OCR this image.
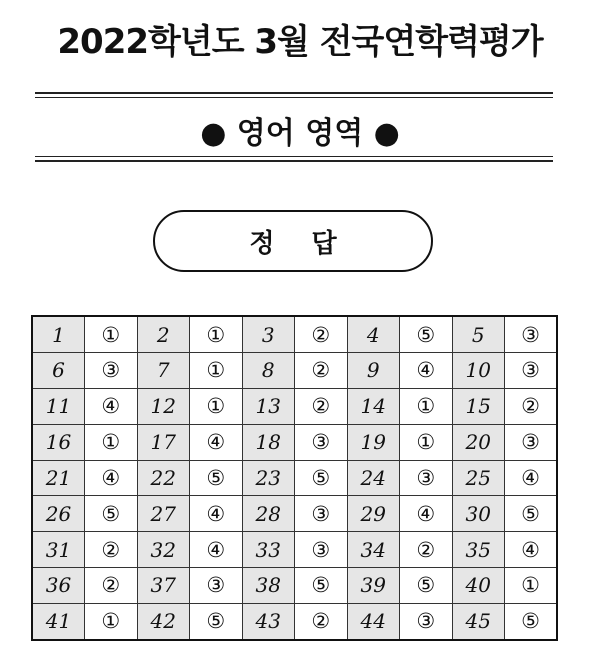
2022학년도 3월 전국연학력평가
● 영어 영역 ●
정 답
1	①	2	①	3	②	4	⑤	5	③
6	③	7	①	8	②	9	④	10	③
11	④	12	①	13	②	14	①	15	②
16	①	17	④	18	③	19	①	20	③
21	④	22	⑤	23	⑤	24	③	25	④
26	⑤	27	④	28	③	29	④	30	⑤
31	②	32	④	33	③	34	②	35	④
36	②	37	③	38	⑤	39	⑤	40	①
41	①	42	⑤	43	②	44	③	45	⑤
